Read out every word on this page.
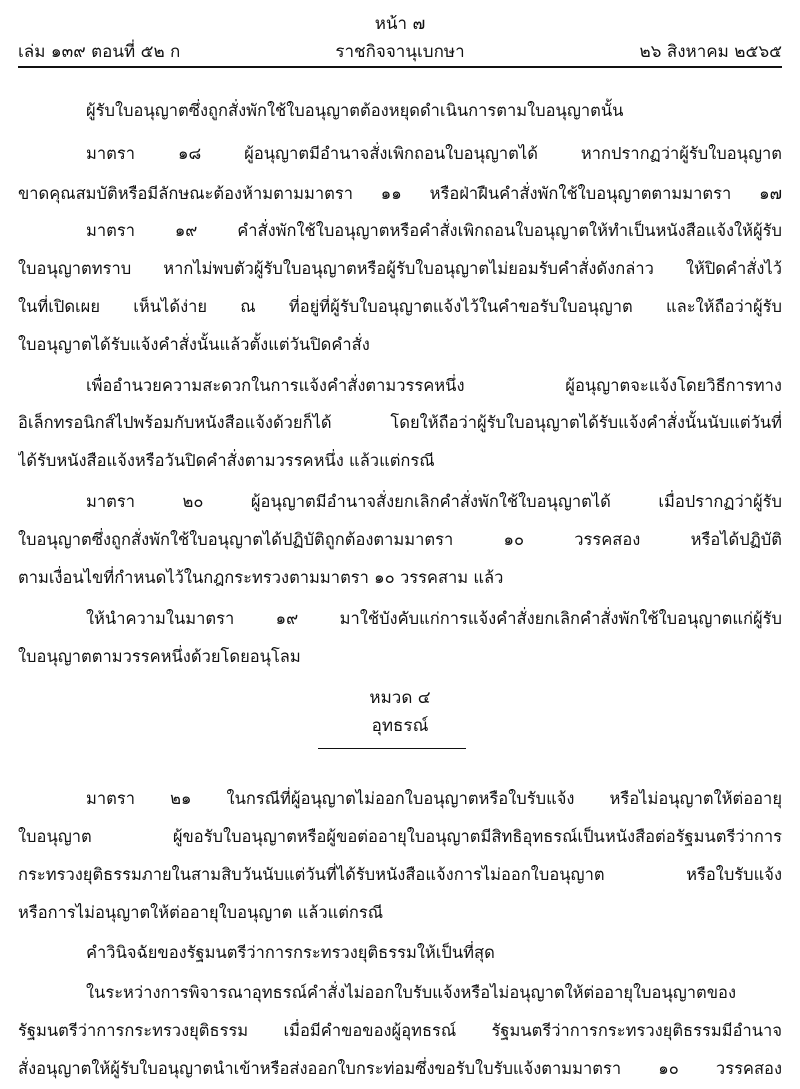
หน้า ๗
เล่ม ๑๓๙ ตอนที่ ๕๒ ก	ราชกิจจานุเบกษา	๒๖ สิงหาคม ๒๕๖๕
ผู้รับใบอนุญาตซึ่งถูกสั่งพักใช้ใบอนุญาตต้องหยุดดำเนินการตามใบอนุญาตนั้น
มาตรา ๑๘ ผู้อนุญาตมีอำนาจสั่งเพิกถอนใบอนุญาตได้ หากปรากฏว่าผู้รับใบอนุญาต
ขาดคุณสมบัติหรือมีลักษณะต้องห้ามตามมาตรา ๑๑ หรือฝ่าฝืนคำสั่งพักใช้ใบอนุญาตตามมาตรา ๑๗
มาตรา ๑๙ คำสั่งพักใช้ใบอนุญาตหรือคำสั่งเพิกถอนใบอนุญาตให้ทำเป็นหนังสือแจ้งให้ผู้รับ
ใบอนุญาตทราบ หากไม่พบตัวผู้รับใบอนุญาตหรือผู้รับใบอนุญาตไม่ยอมรับคำสั่งดังกล่าว ให้ปิดคำสั่งไว้
ในที่เปิดเผย เห็นได้ง่าย ณ ที่อยู่ที่ผู้รับใบอนุญาตแจ้งไว้ในคำขอรับใบอนุญาต และให้ถือว่าผู้รับ
ใบอนุญาตได้รับแจ้งคำสั่งนั้นแล้วตั้งแต่วันปิดคำสั่ง
เพื่ออำนวยความสะดวกในการแจ้งคำสั่งตามวรรคหนึ่ง ผู้อนุญาตจะแจ้งโดยวิธีการทาง
อิเล็กทรอนิกส์ไปพร้อมกับหนังสือแจ้งด้วยก็ได้ โดยให้ถือว่าผู้รับใบอนุญาตได้รับแจ้งคำสั่งนั้นนับแต่วันที่
ได้รับหนังสือแจ้งหรือวันปิดคำสั่งตามวรรคหนึ่ง แล้วแต่กรณี
มาตรา ๒๐ ผู้อนุญาตมีอำนาจสั่งยกเลิกคำสั่งพักใช้ใบอนุญาตได้ เมื่อปรากฏว่าผู้รับ
ใบอนุญาตซึ่งถูกสั่งพักใช้ใบอนุญาตได้ปฏิบัติถูกต้องตามมาตรา ๑๐ วรรคสอง หรือได้ปฏิบัติ
ตามเงื่อนไขที่กำหนดไว้ในกฎกระทรวงตามมาตรา ๑๐ วรรคสาม แล้ว
ให้นำความในมาตรา ๑๙ มาใช้บังคับแก่การแจ้งคำสั่งยกเลิกคำสั่งพักใช้ใบอนุญาตแก่ผู้รับ
ใบอนุญาตตามวรรคหนึ่งด้วยโดยอนุโลม
หมวด ๔
อุทธรณ์
มาตรา ๒๑ ในกรณีที่ผู้อนุญาตไม่ออกใบอนุญาตหรือใบรับแจ้ง หรือไม่อนุญาตให้ต่ออายุ
ใบอนุญาต ผู้ขอรับใบอนุญาตหรือผู้ขอต่ออายุใบอนุญาตมีสิทธิอุทธรณ์เป็นหนังสือต่อรัฐมนตรีว่าการ
กระทรวงยุติธรรมภายในสามสิบวันนับแต่วันที่ได้รับหนังสือแจ้งการไม่ออกใบอนุญาต หรือใบรับแจ้ง
หรือการไม่อนุญาตให้ต่ออายุใบอนุญาต แล้วแต่กรณี
คำวินิจฉัยของรัฐมนตรีว่าการกระทรวงยุติธรรมให้เป็นที่สุด
ในระหว่างการพิจารณาอุทธรณ์คำสั่งไม่ออกใบรับแจ้งหรือไม่อนุญาตให้ต่ออายุใบอนุญาตของ
รัฐมนตรีว่าการกระทรวงยุติธรรม เมื่อมีคำขอของผู้อุทธรณ์ รัฐมนตรีว่าการกระทรวงยุติธรรมมีอำนาจ
สั่งอนุญาตให้ผู้รับใบอนุญาตนำเข้าหรือส่งออกใบกระท่อมซึ่งขอรับใบรับแจ้งตามมาตรา ๑๐ วรรคสอง
